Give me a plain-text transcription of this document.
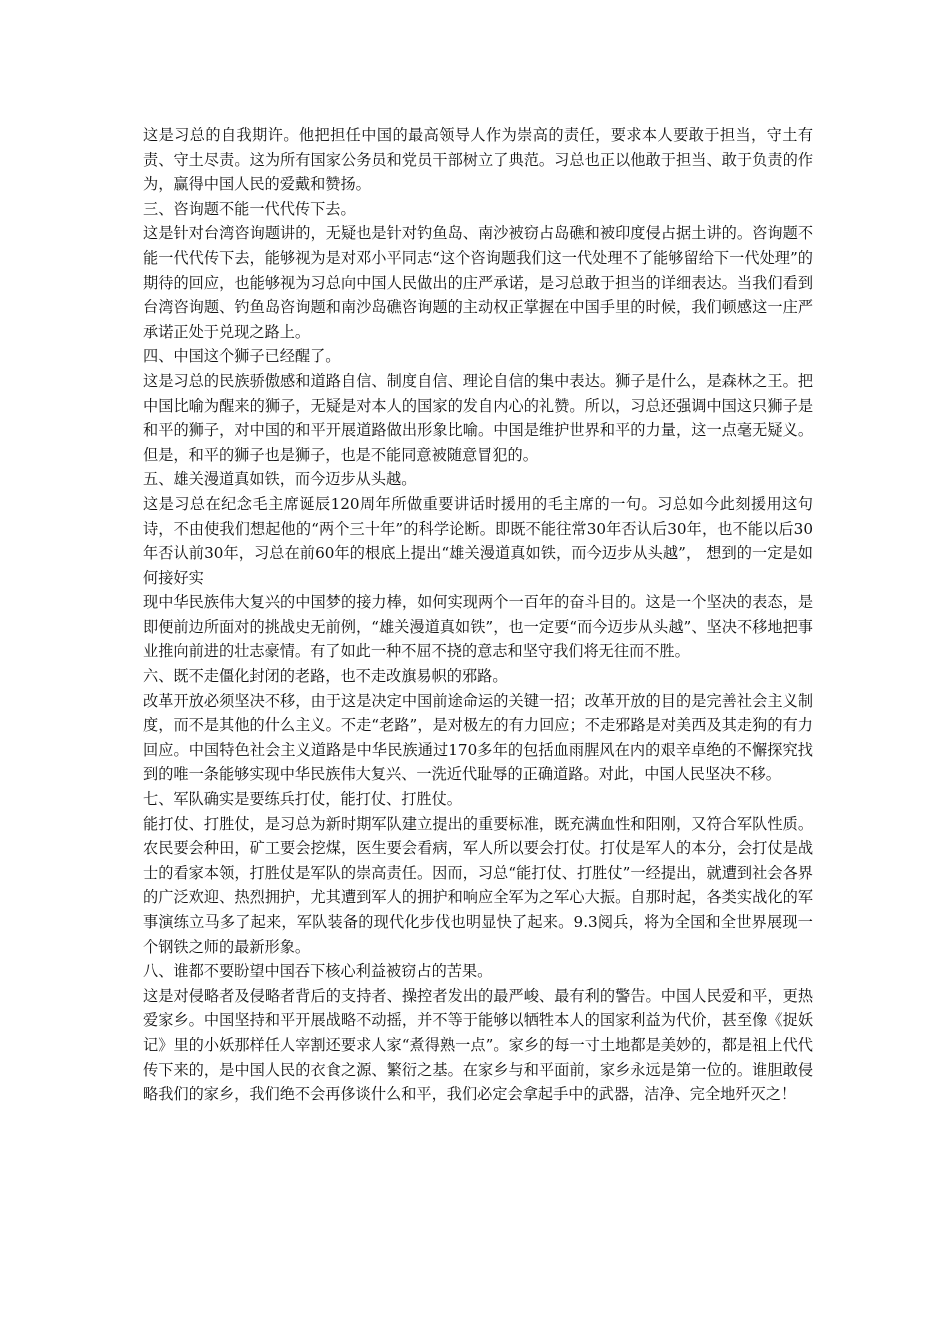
这是习总的自我期许。他把担任中国的最高领导人作为崇高的责任，要求本人要敢于担当，守土有责、守土尽责。这为所有国家公务员和党员干部树立了典范。习总也正以他敢于担当、敢于负责的作为，赢得中国人民的爱戴和赞扬。

三、咨询题不能一代代传下去。

这是针对台湾咨询题讲的，无疑也是针对钓鱼岛、南沙被窃占岛礁和被印度侵占据土讲的。咨询题不能一代代传下去，能够视为是对邓小平同志“这个咨询题我们这一代处理不了能够留给下一代处理”的期待的回应，也能够视为习总向中国人民做出的庄严承诺，是习总敢于担当的详细表达。当我们看到台湾咨询题、钓鱼岛咨询题和南沙岛礁咨询题的主动权正掌握在中国手里的时候，我们顿感这一庄严承诺正处于兑现之路上。

四、中国这个狮子已经醒了。

这是习总的民族骄傲感和道路自信、制度自信、理论自信的集中表达。狮子是什么，是森林之王。把中国比喻为醒来的狮子，无疑是对本人的国家的发自内心的礼赞。所以，习总还强调中国这只狮子是和平的狮子，对中国的和平开展道路做出形象比喻。中国是维护世界和平的力量，这一点毫无疑义。但是，和平的狮子也是狮子，也是不能同意被随意冒犯的。

五、雄关漫道真如铁，而今迈步从头越。

这是习总在纪念毛主席诞辰120周年所做重要讲话时援用的毛主席的一句。习总如今此刻援用这句诗，不由使我们想起他的“两个三十年”的科学论断。即既不能往常30年否认后30年，也不能以后30年否认前30年，习总在前60年的根底上提出“雄关漫道真如铁，而今迈步从头越”， 想到的一定是如何接好实

现中华民族伟大复兴的中国梦的接力棒，如何实现两个一百年的奋斗目的。这是一个坚决的表态，是即便前边所面对的挑战史无前例，“雄关漫道真如铁”，也一定要“而今迈步从头越”、坚决不移地把事业推向前进的壮志豪情。有了如此一种不屈不挠的意志和坚守我们将无往而不胜。

六、既不走僵化封闭的老路，也不走改旗易帜的邪路。

改革开放必须坚决不移，由于这是决定中国前途命运的关键一招；改革开放的目的是完善社会主义制度，而不是其他的什么主义。不走“老路”，是对极左的有力回应；不走邪路是对美西及其走狗的有力回应。中国特色社会主义道路是中华民族通过170多年的包括血雨腥风在内的艰辛卓绝的不懈探究找到的唯一条能够实现中华民族伟大复兴、一洗近代耻辱的正确道路。对此，中国人民坚决不移。

七、军队确实是要练兵打仗，能打仗、打胜仗。

能打仗、打胜仗，是习总为新时期军队建立提出的重要标准，既充满血性和阳刚，又符合军队性质。农民要会种田，矿工要会挖煤，医生要会看病，军人所以要会打仗。打仗是军人的本分，会打仗是战士的看家本领，打胜仗是军队的崇高责任。因而，习总“能打仗、打胜仗”一经提出，就遭到社会各界的广泛欢迎、热烈拥护，尤其遭到军人的拥护和响应全军为之军心大振。自那时起，各类实战化的军事演练立马多了起来，军队装备的现代化步伐也明显快了起来。9.3阅兵，将为全国和全世界展现一个钢铁之师的最新形象。

八、谁都不要盼望中国吞下核心利益被窃占的苦果。

这是对侵略者及侵略者背后的支持者、操控者发出的最严峻、最有利的警告。中国人民爱和平，更热爱家乡。中国坚持和平开展战略不动摇，并不等于能够以牺牲本人的国家利益为代价，甚至像《捉妖记》里的小妖那样任人宰割还要求人家“煮得熟一点”。家乡的每一寸土地都是美妙的，都是祖上代代传下来的，是中国人民的衣食之源、繁衍之基。在家乡与和平面前，家乡永远是第一位的。谁胆敢侵略我们的家乡，我们绝不会再侈谈什么和平，我们必定会拿起手中的武器，洁净、完全地歼灭之！
